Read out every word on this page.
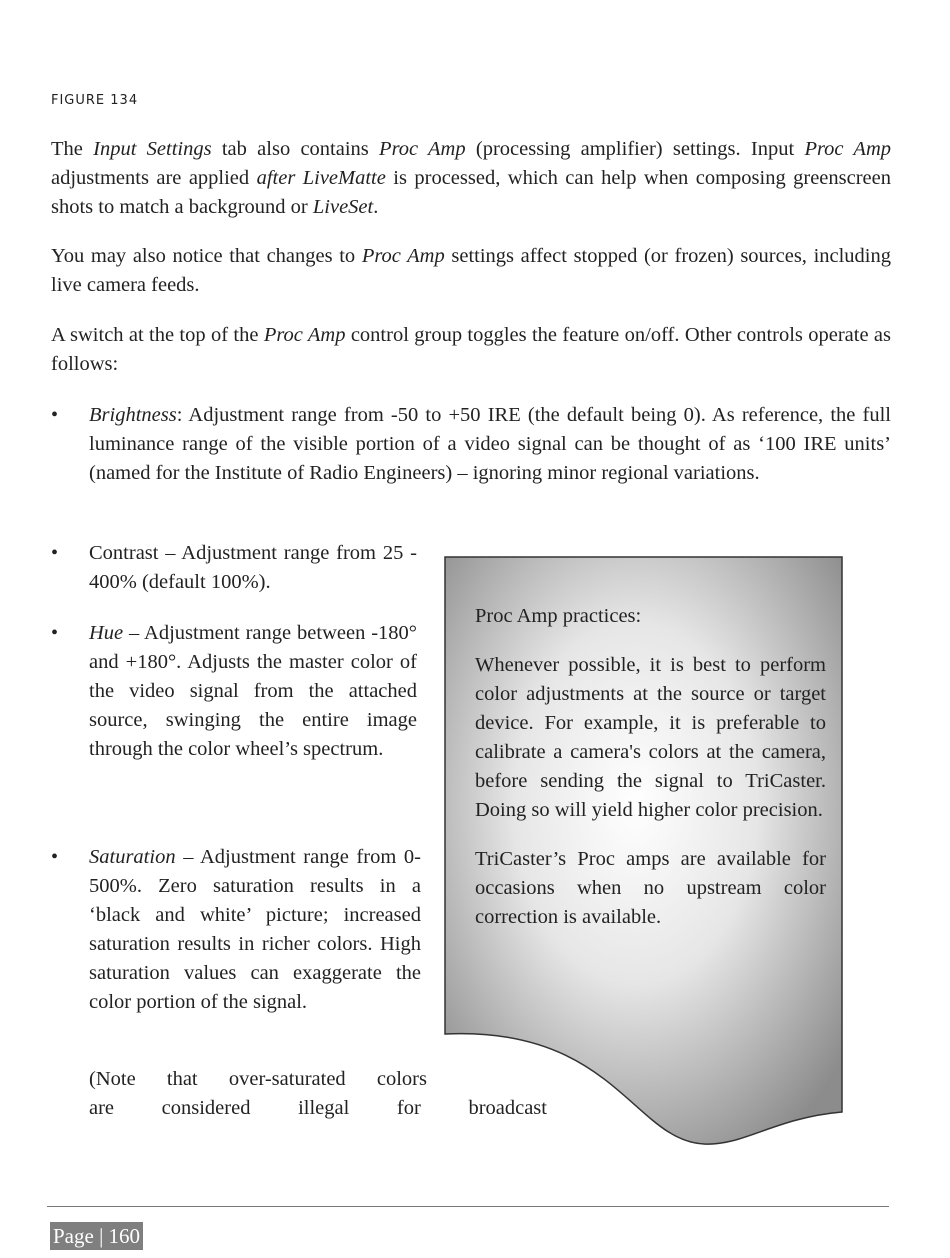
FIGURE 134
The Input Settings tab also contains Proc Amp (processing amplifier) settings. Input Proc Amp adjustments are applied after LiveMatte is processed, which can help when composing greenscreen shots to match a background or LiveSet.
You may also notice that changes to Proc Amp settings affect stopped (or frozen) sources, including live camera feeds.
A switch at the top of the Proc Amp control group toggles the feature on/off. Other controls operate as follows:
• Brightness: Adjustment range from -50 to +50 IRE (the default being 0). As reference, the full luminance range of the visible portion of a video signal can be thought of as ‘100 IRE units’ (named for the Institute of Radio Engineers) – ignoring minor regional variations.
• Contrast – Adjustment range from 25 - 400% (default 100%).
• Hue – Adjustment range between -180° and +180°. Adjusts the master color of the video signal from the attached source, swinging the entire image through the color wheel’s spectrum.
• Saturation – Adjustment range from 0-500%. Zero saturation results in a ‘black and white’ picture; increased saturation results in richer colors. High saturation values can exaggerate the color portion of the signal.
(Note that over-saturated colors
are considered illegal for broadcast

Proc Amp practices:

Whenever possible, it is best to perform color adjustments at the source or target device. For example, it is preferable to calibrate a camera's colors at the camera, before sending the signal to TriCaster. Doing so will yield higher color precision.

TriCaster’s Proc amps are available for occasions when no upstream color correction is available.

Page | 160
